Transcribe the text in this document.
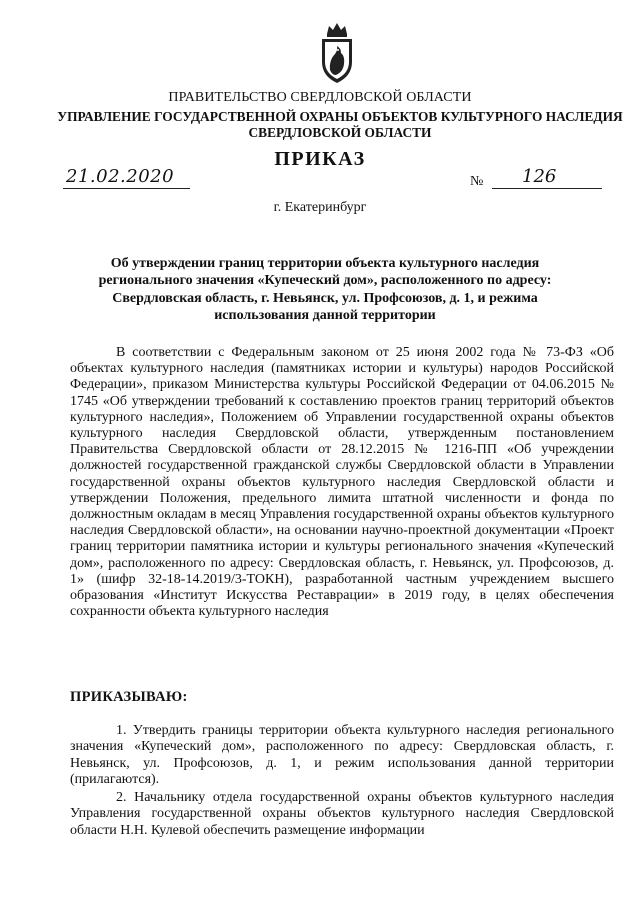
ПРАВИТЕЛЬСТВО СВЕРДЛОВСКОЙ ОБЛАСТИ
УПРАВЛЕНИЕ ГОСУДАРСТВЕННОЙ ОХРАНЫ ОБЪЕКТОВ КУЛЬТУРНОГО НАСЛЕДИЯ СВЕРДЛОВСКОЙ ОБЛАСТИ
ПРИКАЗ
21.02.2020	№ 126
г. Екатеринбург
Об утверждении границ территории объекта культурного наследия регионального значения «Купеческий дом», расположенного по адресу: Свердловская область, г. Невьянск, ул. Профсоюзов, д. 1, и режима использования данной территории

В соответствии с Федеральным законом от 25 июня 2002 года № 73-ФЗ «Об объектах культурного наследия (памятниках истории и культуры) народов Российской Федерации», приказом Министерства культуры Российской Федерации от 04.06.2015 № 1745 «Об утверждении требований к составлению проектов границ территорий объектов культурного наследия», Положением об Управлении государственной охраны объектов культурного наследия Свердловской области, утвержденным постановлением Правительства Свердловской области от 28.12.2015 № 1216-ПП «Об учреждении должностей государственной гражданской службы Свердловской области в Управлении государственной охраны объектов культурного наследия Свердловской области и утверждении Положения, предельного лимита штатной численности и фонда по должностным окладам в месяц Управления государственной охраны объектов культурного наследия Свердловской области», на основании научно-проектной документации «Проект границ территории памятника истории и культуры регионального значения «Купеческий дом», расположенного по адресу: Свердловская область, г. Невьянск, ул. Профсоюзов, д. 1» (шифр 32-18-14.2019/3-ТОКН), разработанной частным учреждением высшего образования «Институт Искусства Реставрации» в 2019 году, в целях обеспечения сохранности объекта культурного наследия

ПРИКАЗЫВАЮ:

1. Утвердить границы территории объекта культурного наследия регионального значения «Купеческий дом», расположенного по адресу: Свердловская область, г. Невьянск, ул. Профсоюзов, д. 1, и режим использования данной территории (прилагаются).

2. Начальнику отдела государственной охраны объектов культурного наследия Управления государственной охраны объектов культурного наследия Свердловской области Н.Н. Кулевой обеспечить размещение информации
